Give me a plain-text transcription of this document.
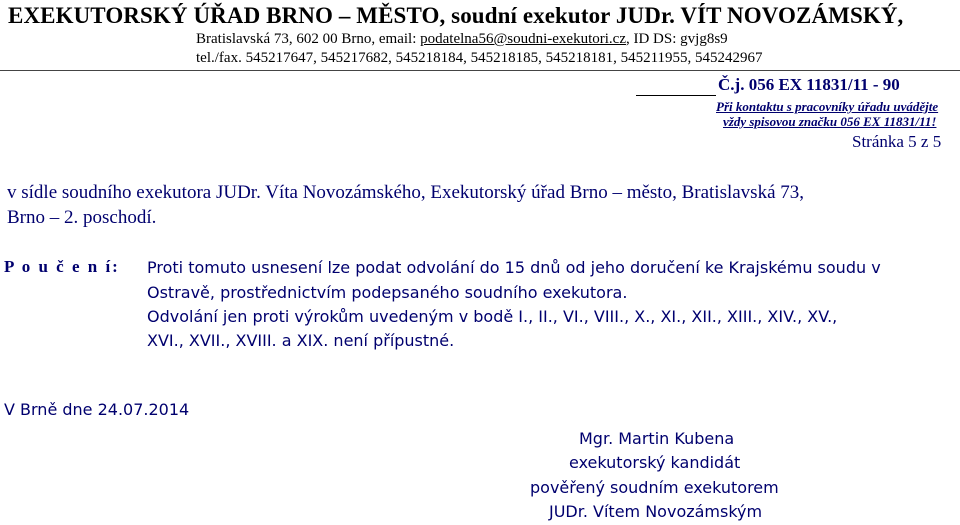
EXEKUTORSKÝ ÚŘAD BRNO – MĚSTO, soudní exekutor JUDr. VÍT NOVOZÁMSKÝ,
Bratislavská 73, 602 00 Brno, email: podatelna56@soudni-exekutori.cz, ID DS: gvjg8s9
tel./fax. 545217647, 545217682, 545218184, 545218185, 545218181, 545211955, 545242967
Č.j. 056 EX 11831/11 - 90
Při kontaktu s pracovníky úřadu uvádějte
vždy spisovou značku 056 EX 11831/11!
Stránka 5 z 5
v sídle soudního exekutora JUDr. Víta Novozámského, Exekutorský úřad Brno – město, Bratislavská 73,
Brno – 2. poschodí.
P o u č e n í: Proti tomuto usnesení lze podat odvolání do 15 dnů od jeho doručení ke Krajskému soudu v
Ostravě, prostřednictvím podepsaného soudního exekutora.
Odvolání jen proti výrokům uvedeným v bodě I., II., VI., VIII., X., XI., XII., XIII., XIV., XV.,
XVI., XVII., XVIII. a XIX. není přípustné.
V Brně dne 24.07.2014
Mgr. Martin Kubena
exekutorský kandidát
pověřený soudním exekutorem
JUDr. Vítem Novozámským
